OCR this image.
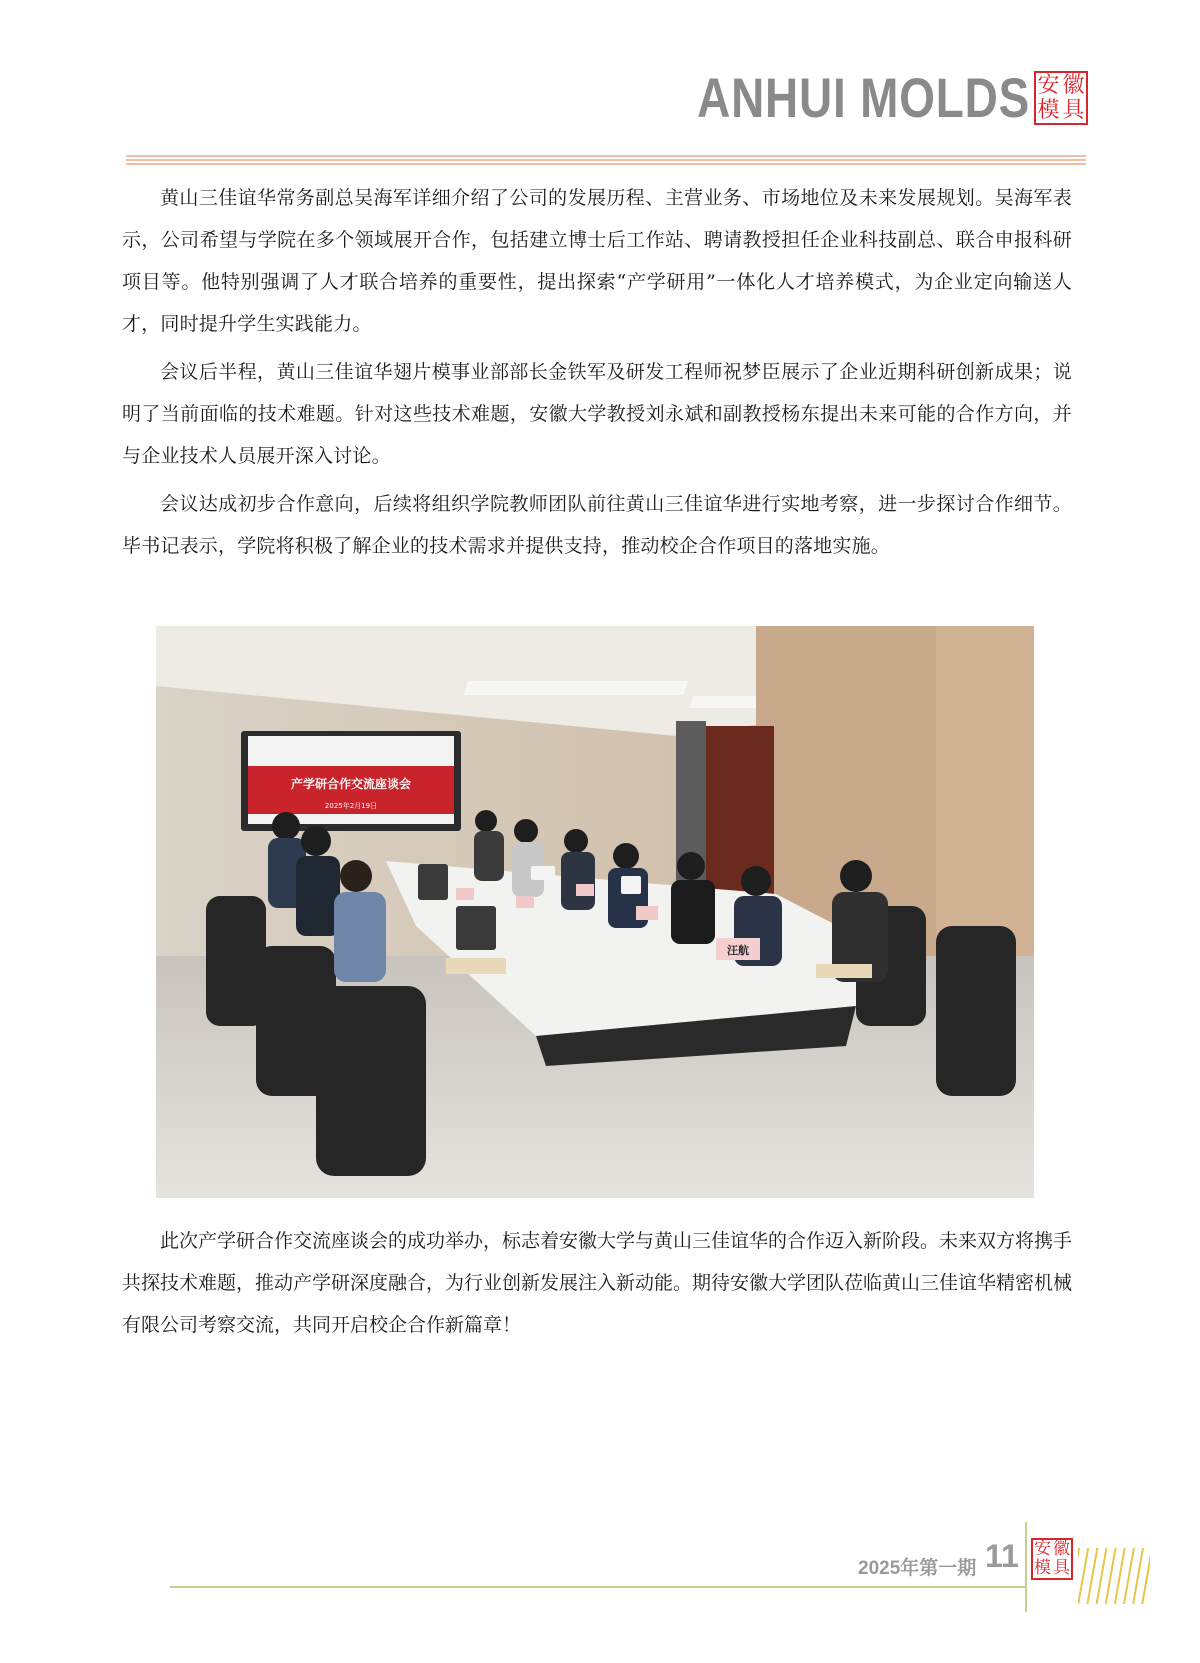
ANHUI MOLDS 安 徽
模 具

黄山三佳谊华常务副总吴海军详细介绍了公司的发展历程、主营业务、市场地位及未来发展规划。吴海军表示，公司希望与学院在多个领域展开合作，包括建立博士后工作站、聘请教授担任企业科技副总、联合申报科研项目等。他特别强调了人才联合培养的重要性，提出探索“产学研用”一体化人才培养模式，为企业定向输送人才，同时提升学生实践能力。

会议后半程，黄山三佳谊华翅片模事业部部长金铁军及研发工程师祝梦臣展示了企业近期科研创新成果；说明了当前面临的技术难题。针对这些技术难题，安徽大学教授刘永斌和副教授杨东提出未来可能的合作方向，并与企业技术人员展开深入讨论。

会议达成初步合作意向，后续将组织学院教师团队前往黄山三佳谊华进行实地考察，进一步探讨合作细节。毕书记表示，学院将积极了解企业的技术需求并提供支持，推动校企合作项目的落地实施。

产学研合作交流座谈会
2025年2月19日
汪航

此次产学研合作交流座谈会的成功举办，标志着安徽大学与黄山三佳谊华的合作迈入新阶段。未来双方将携手共探技术难题，推动产学研深度融合，为行业创新发展注入新动能。期待安徽大学团队莅临黄山三佳谊华精密机械有限公司考察交流，共同开启校企合作新篇章！

2025年第一期 11 安 徽
模 具
